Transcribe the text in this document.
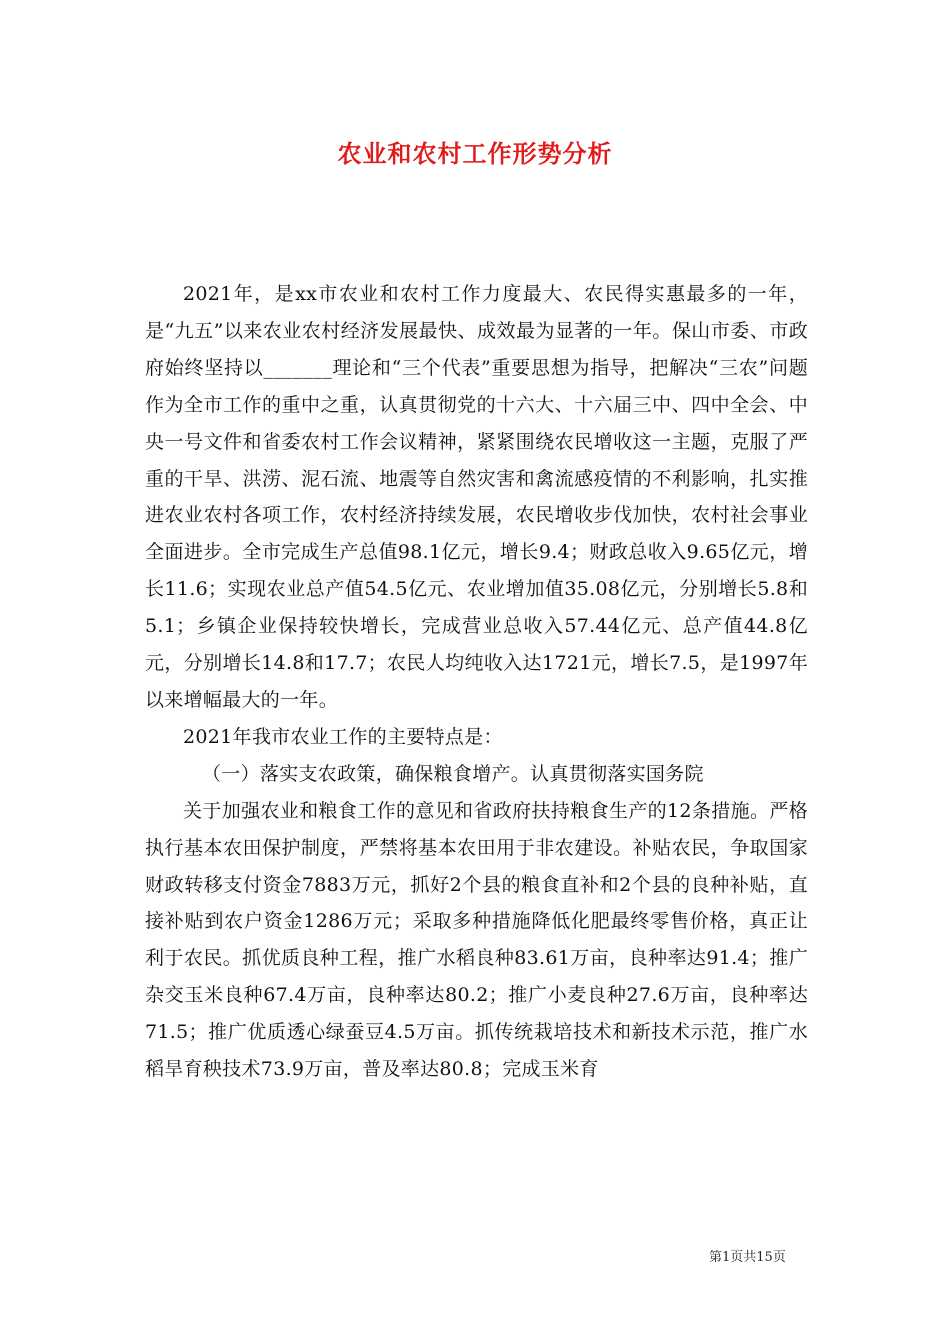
农业和农村工作形势分析

2021年，是xx市农业和农村工作力度最大、农民得实惠最多的一年，是“九五”以来农业农村经济发展最快、成效最为显著的一年。保山市委、市政府始终坚持以_______理论和“三个代表”重要思想为指导，把解决“三农”问题作为全市工作的重中之重，认真贯彻党的十六大、十六届三中、四中全会、中央一号文件和省委农村工作会议精神，紧紧围绕农民增收这一主题，克服了严重的干旱、洪涝、泥石流、地震等自然灾害和禽流感疫情的不利影响，扎实推进农业农村各项工作，农村经济持续发展，农民增收步伐加快，农村社会事业全面进步。全市完成生产总值98.1亿元，增长9.4；财政总收入9.65亿元，增长11.6；实现农业总产值54.5亿元、农业增加值35.08亿元，分别增长5.8和5.1；乡镇企业保持较快增长，完成营业总收入57.44亿元、总产值44.8亿元，分别增长14.8和17.7；农民人均纯收入达1721元，增长7.5，是1997年以来增幅最大的一年。

2021年我市农业工作的主要特点是：

（一）落实支农政策，确保粮食增产。认真贯彻落实国务院

关于加强农业和粮食工作的意见和省政府扶持粮食生产的12条措施。严格执行基本农田保护制度，严禁将基本农田用于非农建设。补贴农民，争取国家财政转移支付资金7883万元，抓好2个县的粮食直补和2个县的良种补贴，直接补贴到农户资金1286万元；采取多种措施降低化肥最终零售价格，真正让利于农民。抓优质良种工程，推广水稻良种83.61万亩，良种率达91.4；推广杂交玉米良种67.4万亩，良种率达80.2；推广小麦良种27.6万亩，良种率达71.5；推广优质透心绿蚕豆4.5万亩。抓传统栽培技术和新技术示范，推广水稻旱育秧技术73.9万亩，普及率达80.8；完成玉米育

第1页共15页
